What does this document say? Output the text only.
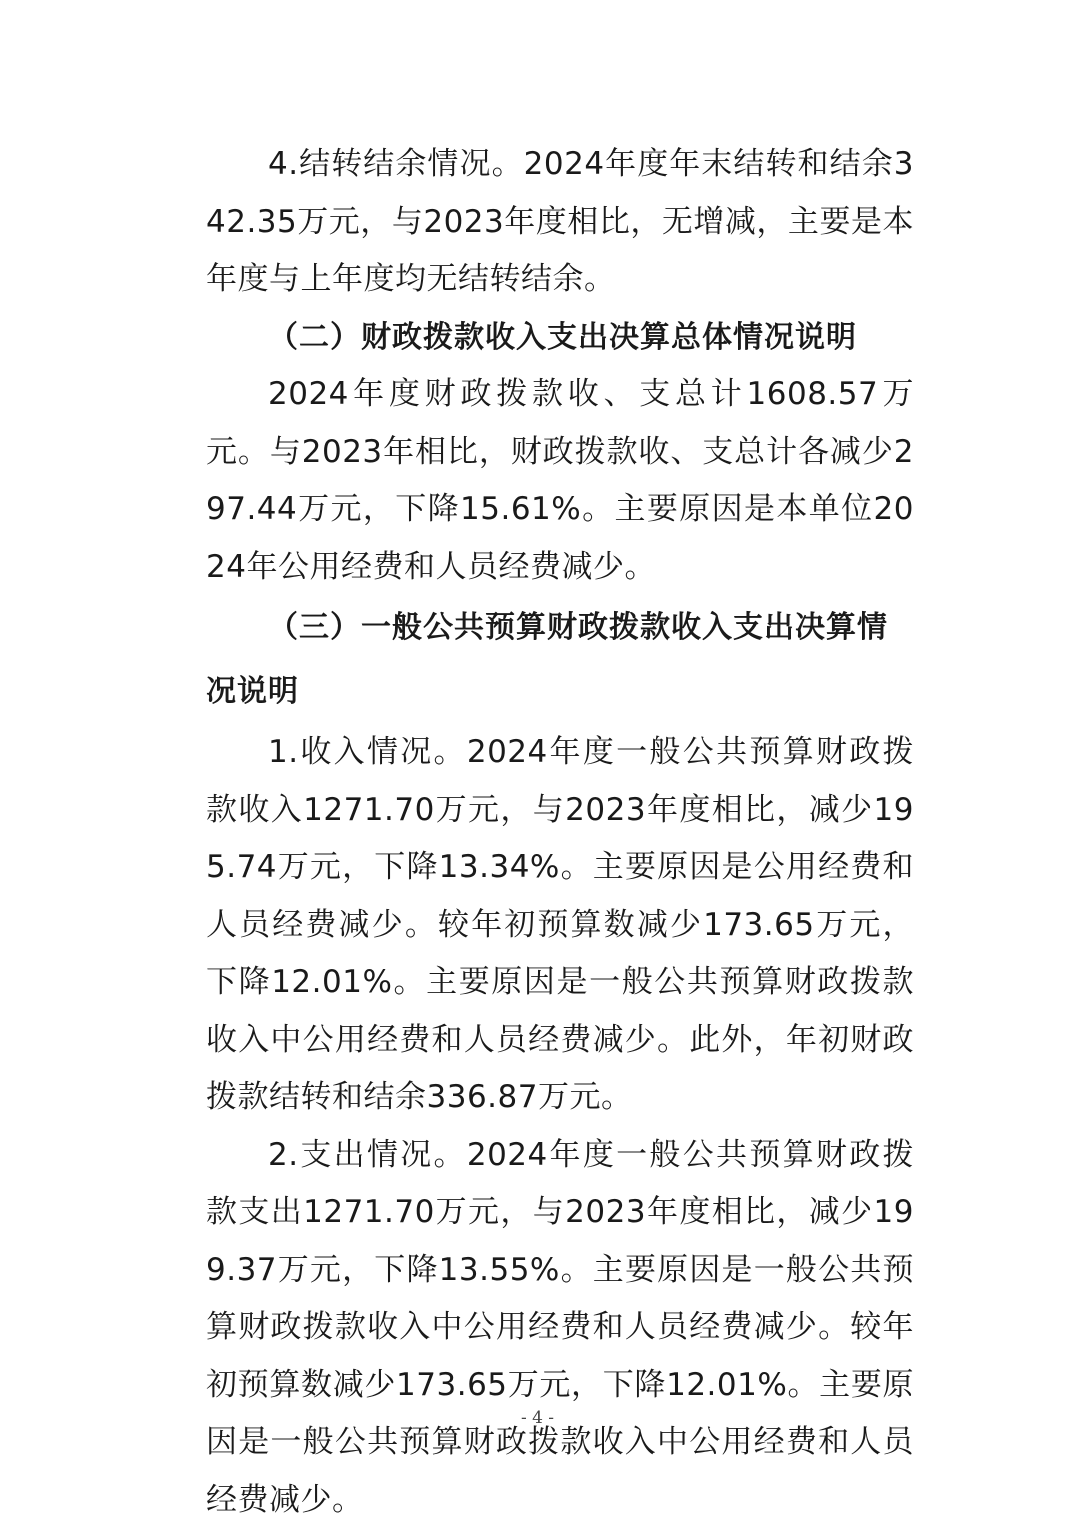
4.结转结余情况。2024年度年末结转和结余342.35万元，与2023年度相比，无增减，主要是本年度与上年度均无结转结余。

（二）财政拨款收入支出决算总体情况说明

2024年度财政拨款收、支总计1608.57万元。与2023年相比，财政拨款收、支总计各减少297.44万元，下降15.61%。主要原因是本单位2024年公用经费和人员经费减少。

（三）一般公共预算财政拨款收入支出决算情况说明

1.收入情况。2024年度一般公共预算财政拨款收入1271.70万元，与2023年度相比，减少195.74万元，下降13.34%。主要原因是公用经费和人员经费减少。较年初预算数减少173.65万元，下降12.01%。主要原因是一般公共预算财政拨款收入中公用经费和人员经费减少。此外，年初财政拨款结转和结余336.87万元。

2.支出情况。2024年度一般公共预算财政拨款支出1271.70万元，与2023年度相比，减少199.37万元，下降13.55%。主要原因是一般公共预算财政拨款收入中公用经费和人员经费减少。较年初预算数减少173.65万元，下降12.01%。主要原因是一般公共预算财政拨款收入中公用经费和人员经费减少。

- 4 -
